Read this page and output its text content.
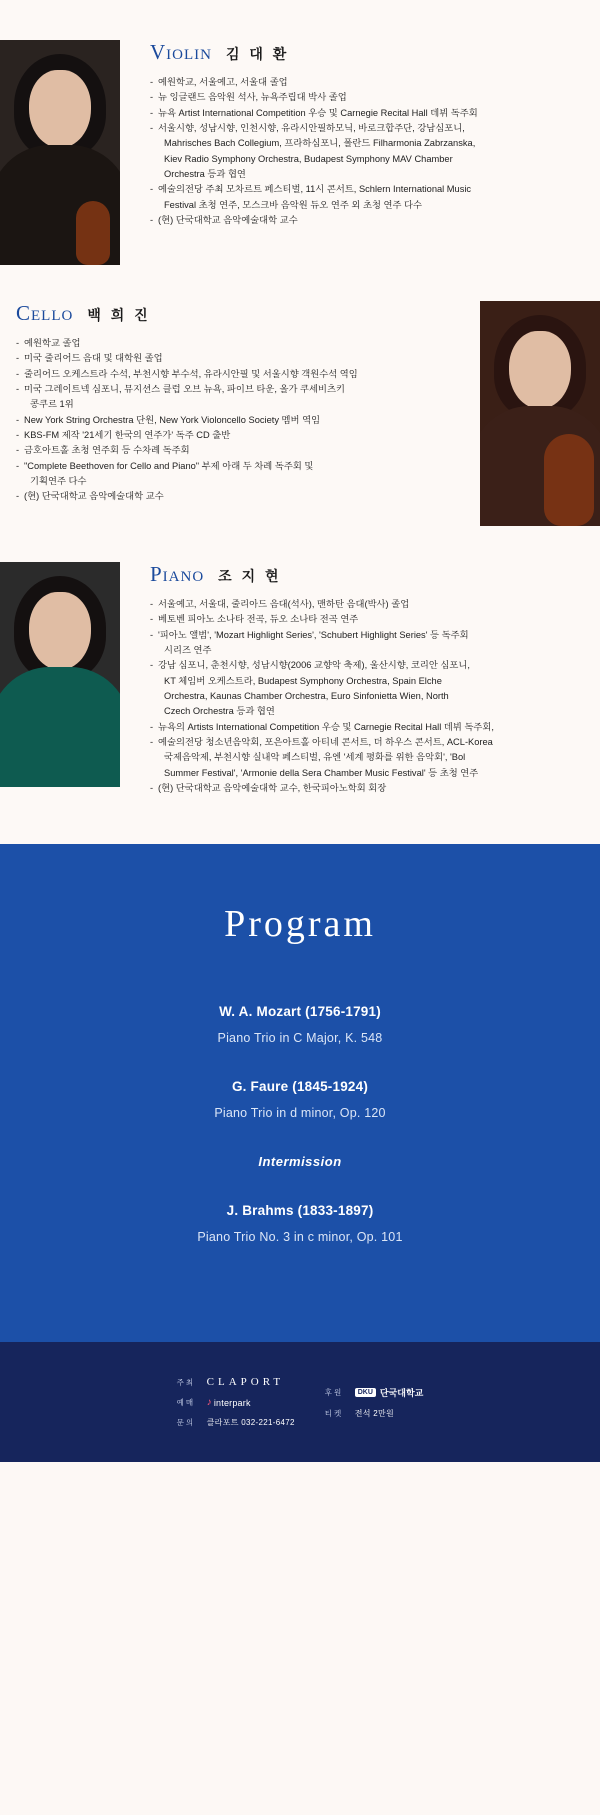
Violin 김 대 환
- 예원학교, 서울예고, 서울대 졸업
- 뉴 잉글랜드 음악원 석사, 뉴욕주립대 박사 졸업
- 뉴욕 Artist International Competition 우승 및 Carnegie Recital Hall 데뷔 독주회
- 서울시향, 성남시향, 인천시향, 유라시안필하모닉, 바로크합주단, 강남심포니,
Mahrisches Bach Collegium, 프라하심포니, 폴란드 Filharmonia Zabrzanska,
Kiev Radio Symphony Orchestra, Budapest Symphony MAV Chamber
Orchestra 등과 협연
- 예술의전당 주최 모차르트 페스티벌, 11시 콘서트, Schlern International Music
Festival 초청 연주, 모스크바 음악원 듀오 연주 외 초청 연주 다수
- (현) 단국대학교 음악예술대학 교수
Cello 백 희 진
- 예원학교 졸업
- 미국 줄리어드 음대 및 대학원 졸업
- 줄리어드 오케스트라 수석, 부천시향 부수석, 유라시안필 및 서울시향 객원수석 역임
- 미국 그레이트넥 심포니, 뮤지션스 클럽 오브 뉴욕, 파이브 타운, 올가 쿠세비츠키
콩쿠르 1위
- New York String Orchestra 단원, New York Violoncello Society 멤버 역임
- KBS-FM 제작 '21세기 한국의 연주가' 독주 CD 출반
- 금호아트홀 초청 연주회 등 수차례 독주회
- "Complete Beethoven for Cello and Piano" 부제 아래 두 차례 독주회 및
기획연주 다수
- (현) 단국대학교 음악예술대학 교수
Piano 조 지 현
- 서울예고, 서울대, 줄리아드 음대(석사), 맨하탄 음대(박사) 졸업
- 베토벤 피아노 소나타 전곡, 듀오 소나타 전곡 연주
- '피아노 앨범', 'Mozart Highlight Series', 'Schubert Highlight Series' 등 독주회
시리즈 연주
- 강남 심포니, 춘천시향, 성남시향(2006 교향악 축제), 울산시향, 코리안 심포니,
KT 체임버 오케스트라, Budapest Symphony Orchestra, Spain Elche
Orchestra, Kaunas Chamber Orchestra, Euro Sinfonietta Wien, North
Czech Orchestra 등과 협연
- 뉴욕의 Artists International Competition 우승 및 Carnegie Recital Hall 데뷔 독주회,
- 예술의전당 청소년음악회, 포은아트홀 아티네 콘서트, 더 하우스 콘서트, ACL-Korea
국제음악제, 부천시향 실내악 페스티벌, 유엔 '세계 평화를 위한 음악회', 'Bol
Summer Festival', 'Armonie della Sera Chamber Music Festival' 등 초청 연주
- (현) 단국대학교 음악예술대학 교수, 한국피아노학회 회장
Program
W. A. Mozart (1756-1791)
Piano Trio in C Major, K. 548
G. Faure (1845-1924)
Piano Trio in d minor, Op. 120
Intermission
J. Brahms (1833-1897)
Piano Trio No. 3 in c minor, Op. 101
주최	CLAPORT
예매	♪ interpark
문의	클라포트 032-221-6472
후원	DKU 단국대학교
티켓	전석 2만원
